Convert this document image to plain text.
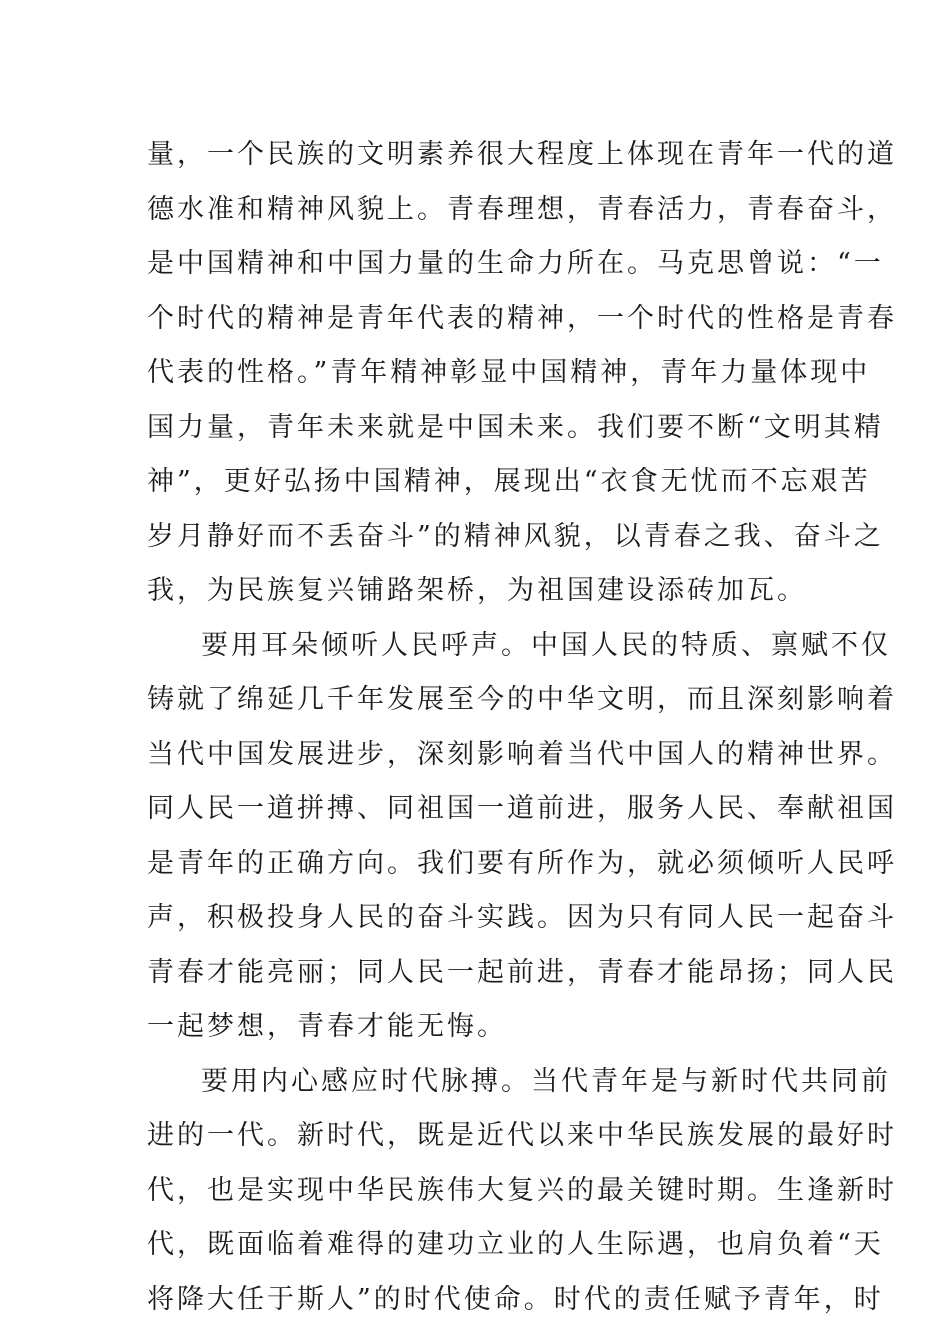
量，一个民族的文明素养很大程度上体现在青年一代的道
德水准和精神风貌上。青春理想，青春活力，青春奋斗，
是中国精神和中国力量的生命力所在。马克思曾说：“一
个时代的精神是青年代表的精神，一个时代的性格是青春
代表的性格。”青年精神彰显中国精神，青年力量体现中
国力量，青年未来就是中国未来。我们要不断“文明其精
神”，更好弘扬中国精神，展现出“衣食无忧而不忘艰苦
岁月静好而不丢奋斗”的精神风貌，以青春之我、奋斗之
我，为民族复兴铺路架桥，为祖国建设添砖加瓦。
要用耳朵倾听人民呼声。中国人民的特质、禀赋不仅
铸就了绵延几千年发展至今的中华文明，而且深刻影响着
当代中国发展进步，深刻影响着当代中国人的精神世界。
同人民一道拼搏、同祖国一道前进，服务人民、奉献祖国
是青年的正确方向。我们要有所作为，就必须倾听人民呼
声，积极投身人民的奋斗实践。因为只有同人民一起奋斗
青春才能亮丽；同人民一起前进，青春才能昂扬；同人民
一起梦想，青春才能无悔。
要用内心感应时代脉搏。当代青年是与新时代共同前
进的一代。新时代，既是近代以来中华民族发展的最好时
代，也是实现中华民族伟大复兴的最关键时期。生逢新时
代，既面临着难得的建功立业的人生际遇，也肩负着“天
将降大任于斯人”的时代使命。时代的责任赋予青年，时
